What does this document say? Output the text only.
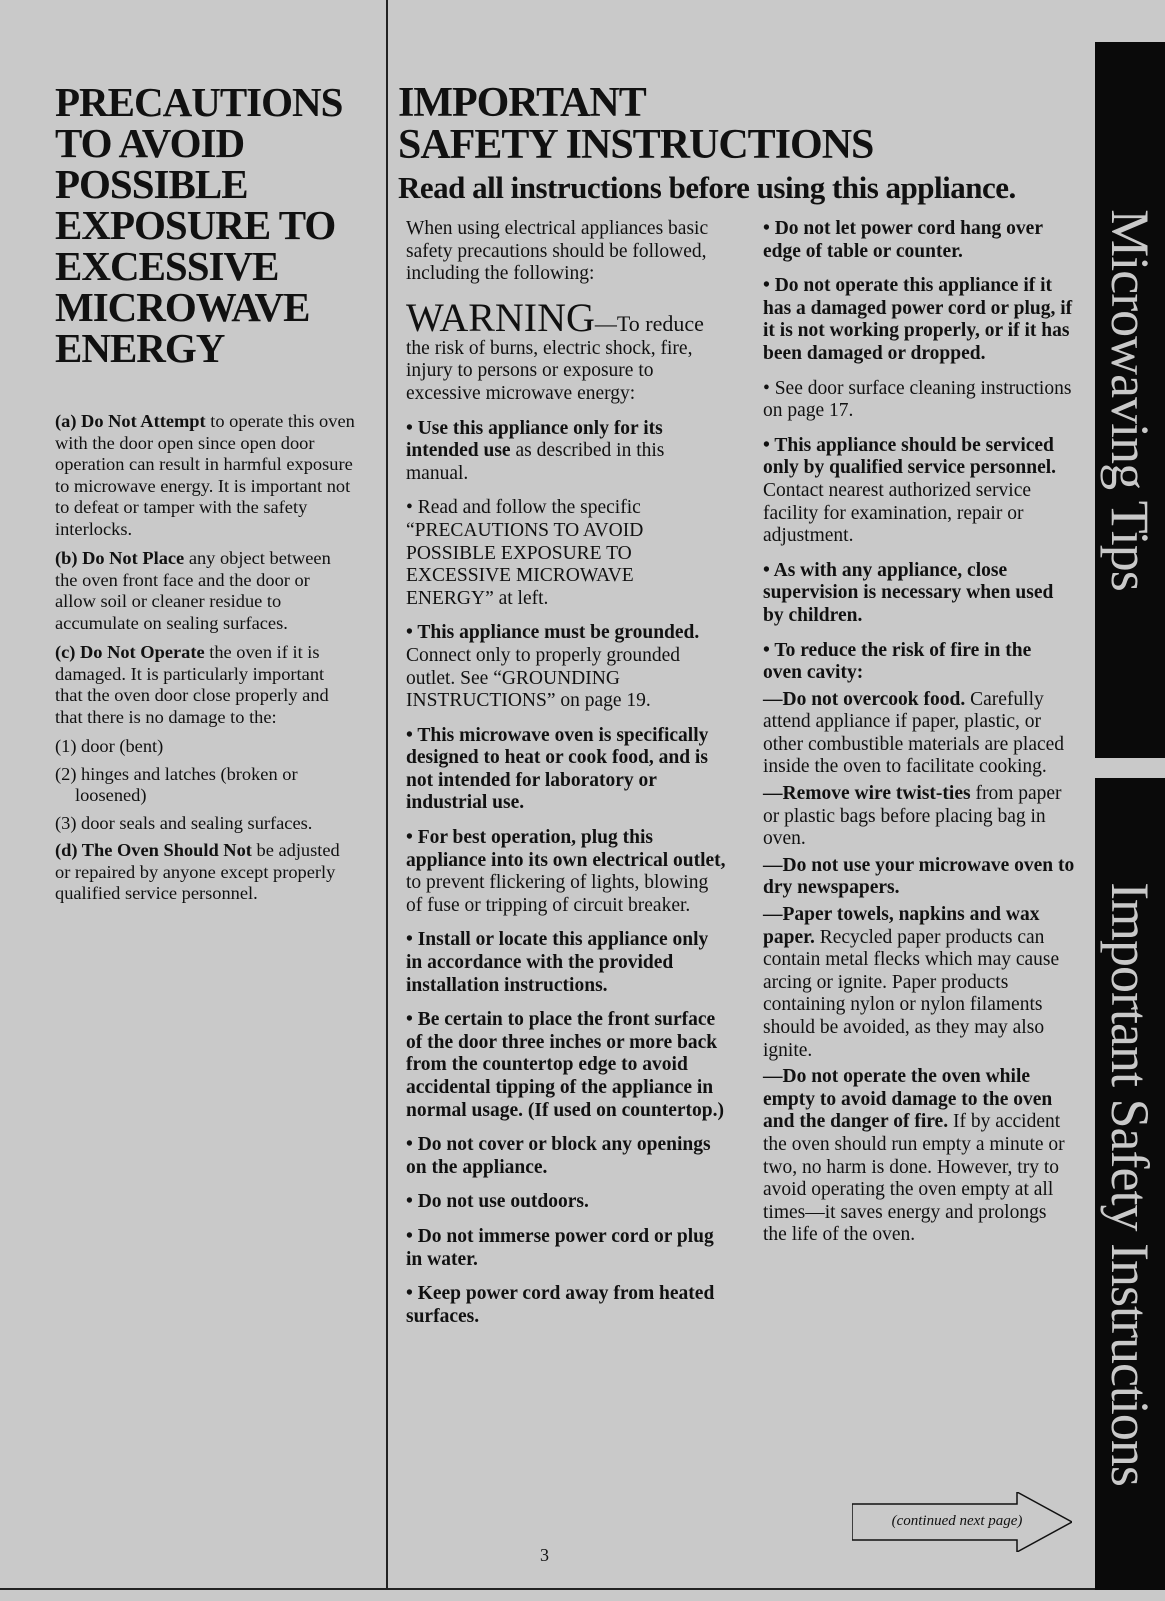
PRECAUTIONS
TO AVOID
POSSIBLE
EXPOSURE TO
EXCESSIVE
MICROWAVE
ENERGY

(a) Do Not Attempt to operate this oven with the door open since open door operation can result in harmful exposure to microwave energy. It is important not to defeat or tamper with the safety interlocks.

(b) Do Not Place any object between the oven front face and the door or allow soil or cleaner residue to accumulate on sealing surfaces.

(c) Do Not Operate the oven if it is damaged. It is particularly important that the oven door close properly and that there is no damage to the:

(1) door (bent)

(2) hinges and latches (broken or loosened)

(3) door seals and sealing surfaces.

(d) The Oven Should Not be adjusted or repaired by anyone except properly qualified service personnel.

IMPORTANT
SAFETY INSTRUCTIONS
Read all instructions before using this appliance.

When using electrical appliances basic safety precautions should be followed, including the following:

WARNING—To reduce
the risk of burns, electric shock, fire, injury to persons or exposure to excessive microwave energy:

• Use this appliance only for its intended use as described in this manual.

• Read and follow the specific “PRECAUTIONS TO AVOID POSSIBLE EXPOSURE TO EXCESSIVE MICROWAVE ENERGY” at left.

• This appliance must be grounded. Connect only to properly grounded outlet. See “GROUNDING INSTRUCTIONS” on page 19.

• This microwave oven is specifically designed to heat or cook food, and is not intended for laboratory or industrial use.

• For best operation, plug this appliance into its own electrical outlet, to prevent flickering of lights, blowing of fuse or tripping of circuit breaker.

• Install or locate this appliance only in accordance with the provided installation instructions.

• Be certain to place the front surface of the door three inches or more back from the countertop edge to avoid accidental tipping of the appliance in normal usage. (If used on countertop.)

• Do not cover or block any openings on the appliance.

• Do not use outdoors.

• Do not immerse power cord or plug in water.

• Keep power cord away from heated surfaces.

• Do not let power cord hang over edge of table or counter.

• Do not operate this appliance if it has a damaged power cord or plug, if it is not working properly, or if it has been damaged or dropped.

• See door surface cleaning instructions on page 17.

• This appliance should be serviced only by qualified service personnel. Contact nearest authorized service facility for examination, repair or adjustment.

• As with any appliance, close supervision is necessary when used by children.

• To reduce the risk of fire in the oven cavity:

—Do not overcook food. Carefully attend appliance if paper, plastic, or other combustible materials are placed inside the oven to facilitate cooking.

—Remove wire twist-ties from paper or plastic bags before placing bag in oven.

—Do not use your microwave oven to dry newspapers.

—Paper towels, napkins and wax paper. Recycled paper products can contain metal flecks which may cause arcing or ignite. Paper products containing nylon or nylon filaments should be avoided, as they may also ignite.

—Do not operate the oven while empty to avoid damage to the oven and the danger of fire. If by accident the oven should run empty a minute or two, no harm is done. However, try to avoid operating the oven empty at all times—it saves energy and prolongs the life of the oven.

(continued next page)
3
Microwaving Tips
Important Safety Instructions
